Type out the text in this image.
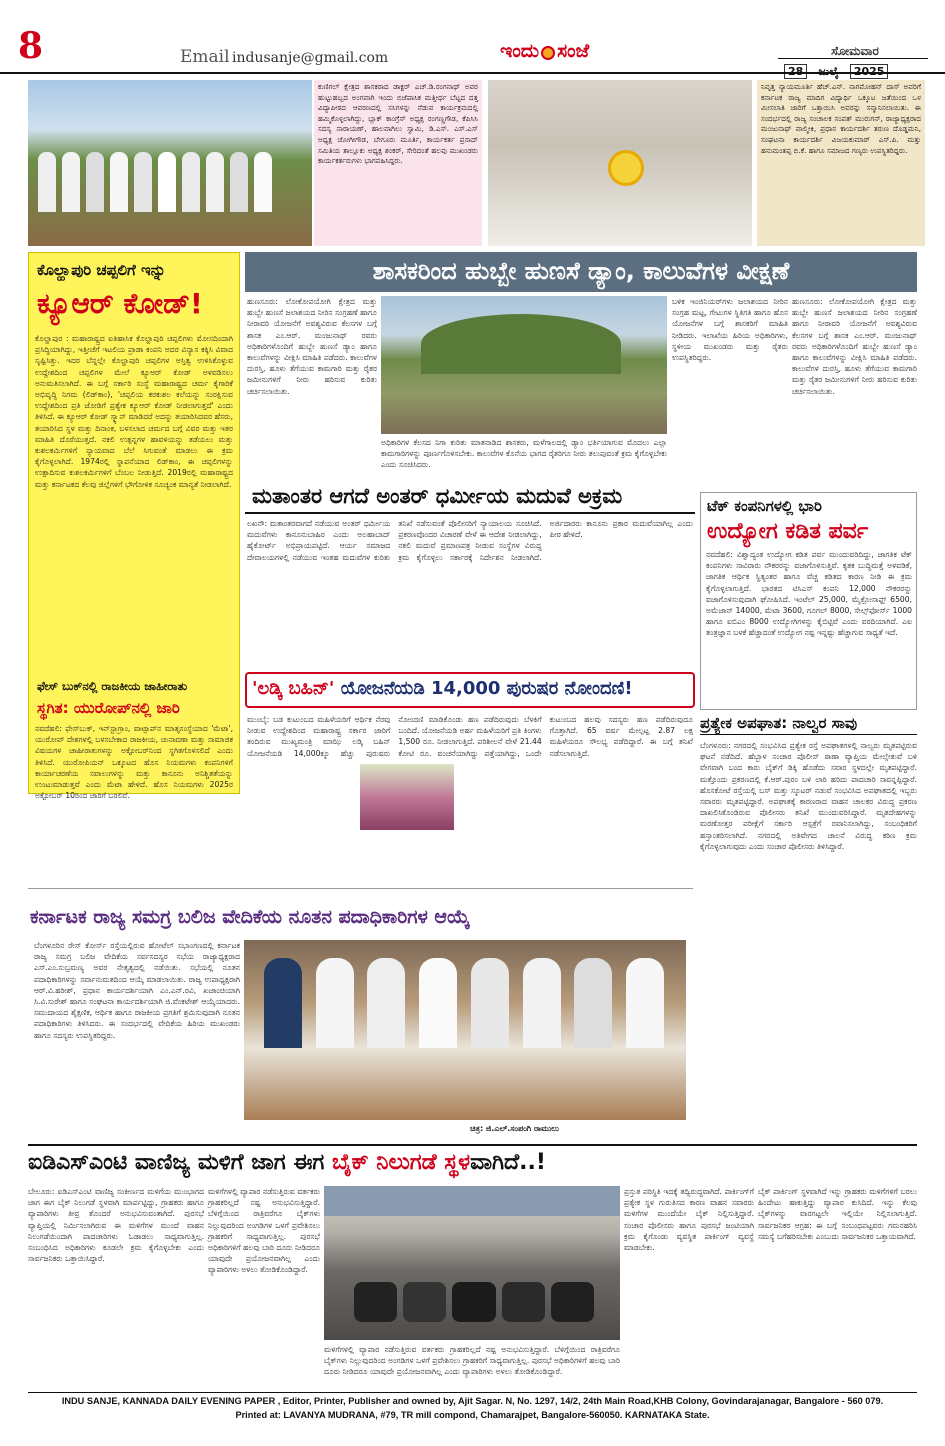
8	Email indusanje@gmail.com	ಇಂದು ಸಂಜೆ	ಸೋಮವಾರ

ಕುಣಿಗಲ್ ಕ್ಷೇತ್ರದ ಶಾಸಕರಾದ ಡಾಕ್ಟರ್ ಎಚ್.ಡಿ.ರಂಗನಾಥ್ ಅವರ ಹುಟ್ಟುಹಬ್ಬದ ಅಂಗವಾಗಿ ಇಂದು ಬಿಜೆಪಾಸಿಕ ಮತ್ತೀರ್ಥ ಬೆಟ್ಟದ ದತ್ತ ವಿದ್ಯಾಪೀಠದ ಆವರಣದಲ್ಲಿ ಸಸಿಗಳನ್ನು ನೆಡುವ ಕಾರ್ಯಕ್ರಮದಲ್ಲಿ ಹಮ್ಮಿಕೊಳ್ಳಲಾಗಿದ್ದು, ಬ್ಲಾಕ್ ಕಾಂಗ್ರೆಸ್ ಅಧ್ಯಕ್ಷ ರಂಗಣ್ಣಗೌಡ, ಕೆಪಿಸಿಸಿ ಸದಸ್ಯ ನಾರಾಯಣ್, ಹಾಲವಾಗಿಲು ಸ್ವಾಮಿ, ಡಿ.ಎಸ್. ಎಸ್.ಎಸ್ ಅಧ್ಯಕ್ಷ ಜೋಗೀಗೌಡ, ಬೇಗೂರು ಮೂರ್ತಿ, ಕಾರ್ಯಕರ್ತ ಪ್ರಸಾದ್ ಸಮಿತಿಯ ತಾಲ್ಲೂಕು ಅಧ್ಯಕ್ಷ ಶಂಕರ್, ಸೇರಿದಂತೆ ಹಲವು ಮುಖಂಡರು ಕಾರ್ಯಕರ್ತರುಗಳು ಭಾಗವಹಿಸಿದ್ದರು.
ನಿವೃತ್ತ ನ್ಯಾಯಮೂರ್ತಿ ಹೆಚ್.ಎನ್. ನಾಗಮೋಹನ್ ದಾಸ್ ಅವರಿಗೆ ಕರ್ನಾಟಕ ರಾಜ್ಯ ಮಾದಿಗ ವಿದ್ಯಾರ್ಥಿ ಒಕ್ಕೂಟ ಜತೆಯಿಂದ ಒಳ ಮೀಸಲಾತಿ ಜಾರಿಗೆ ಒತ್ತಾಯಿಸಿ ಅವರನ್ನು ಸನ್ಮಾನಿಸಲಾಯಿತು. ಈ ಸಂದರ್ಭದಲ್ಲಿ ರಾಜ್ಯ ಸಂಚಾಲಕ ಸಂಪತ್ ಮುರುಗನ್, ರಾಜ್ಯಾಧ್ಯಕ್ಷರಾದ ಮಂಜುನಾಥ್ ವಾಲ್ಮೀಕಿ, ಪ್ರಧಾನ ಕಾರ್ಯದರ್ಶಿ ತರುಣ ದೊಡ್ಡಮನಿ, ಸಂಘಟನಾ ಕಾರ್ಯದರ್ಶಿ ವಿಜಯಕುಮಾರ್ ಎಸ್.ಪಿ. ಮತ್ತು ಹನುಮಂತಪ್ಪ ಬಿ.ಕೆ. ಹಾಗೂ ಸಮಾಜದ ಗಣ್ಯರು ಉಪಸ್ಥಿತರಿದ್ದರು.
ಕೊಲ್ಹಾಪುರಿ ಚಪ್ಪಲಿಗೆ ಇನ್ನು
ಕ್ಯೂಆರ್ ಕೋಡ್!
ಕೊಲ್ಹಾಪುರ : ಮಹಾರಾಷ್ಟ್ರದ ಐತಿಹಾಸಿಕ ಕೊಲ್ಹಾಪುರಿ ಚಪ್ಪಲಿಗಳು ಮೋಸದಿಂದಾಗಿ ಪ್ರಸಿದ್ಧಿಯಾಗಿದ್ದು, ಇತ್ತೀಚೆಗೆ ಇಟಲಿಯ ಪ್ರಾಡಾ ಕಂಪನಿ ಅದರ ವಿನ್ಯಾಸ ಕಕ್ಕಿಸಿ ವಿವಾದ ಸೃಷ್ಟಿಸಿತ್ತು. ಇದರ ಬೆನ್ನಲ್ಲೇ ಕೊಲ್ಹಾಪುರಿ ಚಪ್ಪಲಿಗಳ ಅಸ್ತಿತ್ವ ಉಳಿಸಿಕೊಳ್ಳುವ ಉದ್ದೇಶದಿಂದ ಚಪ್ಪಲಿಗಳ ಮೇಲೆ ಕ್ಯೂಆರ್ ಕೋಡ್ ಅಳವಡಿಸಲು ಅನುಮತಿಸಲಾಗಿದೆ. ಈ ಬಗ್ಗೆ ಸರ್ಕಾರಿ ಸಂಸ್ಥೆ ಮಹಾರಾಷ್ಟ್ರದ ಚರ್ಮ ಕೈಗಾರಿಕೆ ಅಭಿವೃದ್ಧಿ ನಿಗಮ (ಲಿಡ್‌ಕಾಂ), 'ಚಪ್ಪಲಿಯ ಕರಕುಶಲ ಕಲೆಯನ್ನು ಸಂರಕ್ಷಿಸುವ ಉದ್ದೇಶದಿಂದ ಪ್ರತಿ ಜೋಡಿಗೆ ಪ್ರತ್ಯೇಕ ಕ್ಯೂಆರ್ ಕೋಡ್ ನೀಡಲಾಗುತ್ತದೆ' ಎಂದು ತಿಳಿಸಿದೆ. ಈ ಕ್ಯೂಆರ್ ಕೋಡ್ ಸ್ಕ್ಯಾನ್ ಮಾಡಿದರೆ ಅದನ್ನು ತಯಾರಿಸಿದವರ ಹೆಸರು, ತಯಾರಿಸಿದ ಸ್ಥಳ ಮತ್ತು ದಿನಾಂಕ, ಬಳಸಲಾದ ಚರ್ಮದ ಬಗ್ಗೆ ವಿವರ ಮತ್ತು ಇತರ ಮಾಹಿತಿ ದೊರೆಯುತ್ತದೆ. ನಕಲಿ ಉತ್ಪನ್ನಗಳ ಹಾವಳಿಯನ್ನು ತಡೆಯಲು ಮತ್ತು ಕುಶಲಕರ್ಮಿಗಳಿಗೆ ನ್ಯಾಯವಾದ ಬೆಲೆ ಸಿಗುವಂತೆ ಮಾಡಲು ಈ ಕ್ರಮ ಕೈಗೊಳ್ಳಲಾಗಿದೆ. 1974ರಲ್ಲಿ ಸ್ಥಾಪನೆಯಾದ ಲಿಡ್‌ಕಾಂ, ಈ ಚಪ್ಪಲಿಗಳನ್ನು ಉತ್ಪಾದಿಸುವ ಕುಶಲಕರ್ಮಿಗಳಿಗೆ ಬೆಂಬಲ ನೀಡುತ್ತಿದೆ. 2019ರಲ್ಲಿ ಮಹಾರಾಷ್ಟ್ರದ ಮತ್ತು ಕರ್ನಾಟಕದ ಕೆಲವು ಜಿಲ್ಲೆಗಳಿಗೆ ಭೌಗೋಳಿಕ ಸೂಚ್ಯಂಕ ಮಾನ್ಯತೆ ನೀಡಲಾಗಿದೆ.
ಫೇಸ್ ಬುಕ್‌ನಲ್ಲಿ ರಾಜಕೀಯ ಜಾಹೀರಾತು
ಸ್ಥಗಿತ: ಯುರೋಪ್‌ನಲ್ಲಿ ಜಾರಿ
ನವದೆಹಲಿ: ಫೇಸ್‌ಬುಕ್, ಇನ್‌ಸ್ಟಾಗ್ರಾಂ, ವಾಟ್ಸಾಪ್‌ನ ಮಾತೃಸಂಸ್ಥೆಯಾದ 'ಮೆಟಾ', ಯುರೋಪ್ ದೇಶಗಳಲ್ಲಿ ಬಳಸಬೇಕಾದ ರಾಜಕೀಯ, ಚುನಾವಣಾ ಮತ್ತು ಸಾಮಾಜಿಕ ವಿಷಯಗಳ ಜಾಹೀರಾತುಗಳನ್ನು ಅಕ್ಟೋಬರ್‌ನಿಂದ ಸ್ಥಗಿತಗೊಳಿಸಲಿದೆ ಎಂದು ತಿಳಿಸಿದೆ. ಯುರೋಪಿಯನ್ ಒಕ್ಕೂಟದ ಹೊಸ ನಿಯಮಗಳು ಕಂಪನಿಗಳಿಗೆ ಕಾರ್ಯಾಚರಣೆಯ ಸವಾಲುಗಳನ್ನು ಮತ್ತು ಕಾನೂನು ಅನಿಶ್ಚಿತತೆಯನ್ನು ಉಂಟುಮಾಡುತ್ತವೆ ಎಂದು ಮೆಟಾ ಹೇಳಿದೆ. ಹೊಸ ನಿಯಮಗಳು 2025ರ ಅಕ್ಟೋಬರ್ 10ರಿಂದ ಜಾರಿಗೆ ಬರಲಿವೆ.
ಶಾಸಕರಿಂದ ಹುಬ್ಬೇ ಹುಣಸೆ ಡ್ಯಾಂ, ಕಾಲುವೆಗಳ ವೀಕ್ಷಣೆ
ಹುಣಸೂರು: ಲೋಕೋಪಯೋಗಿ ಕ್ಷೇತ್ರದ ಮತ್ತು ಹುಬ್ಬೇ ಹುಣಸೆ ಜಲಾಶಯದ ನೀರಿನ ಸಂಗ್ರಹಣೆ ಹಾಗೂ ನೀರಾವರಿ ಯೋಜನೆಗೆ ಅವಶ್ಯವಿರುವ ಕೆಲಸಗಳ ಬಗ್ಗೆ ಶಾಸಕ ಎಂ.ಆರ್. ಮಂಜುನಾಥ್ ರವರು ಅಧಿಕಾರಿಗಳೊಂದಿಗೆ ಹುಬ್ಬೇ ಹುಣಸೆ ಡ್ಯಾಂ ಹಾಗೂ ಕಾಲುವೆಗಳನ್ನು ವೀಕ್ಷಿಸಿ ಮಾಹಿತಿ ಪಡೆದರು. ಕಾಲುವೆಗಳ ದುರಸ್ತಿ, ಹೂಳು ತೆಗೆಯುವ ಕಾಮಗಾರಿ ಮತ್ತು ರೈತರ ಜಮೀನುಗಳಿಗೆ ನೀರು ಹರಿಸುವ ಕುರಿತು ಚರ್ಚಿಸಲಾಯಿತು.
ಅಧಿಕಾರಿಗಳ ಕೆಲಸದ ನಿಗಾ ಕುರಿತು ಮಾತನಾಡಿದ ಶಾಸಕರು, ಮಳೆಗಾಲದಲ್ಲಿ ಡ್ಯಾಂ ಭರ್ತಿಯಾಗುವ ಮೊದಲು ಎಲ್ಲಾ ಕಾಮಗಾರಿಗಳನ್ನು ಪೂರ್ಣಗೊಳಿಸಬೇಕು. ಕಾಲುವೆಗಳ ಕೊನೆಯ ಭಾಗದ ರೈತರಿಗೂ ನೀರು ತಲುಪುವಂತೆ ಕ್ರಮ ಕೈಗೊಳ್ಳಬೇಕು ಎಂದು ಸೂಚಿಸಿದರು.
ಬಳಿಕ ಇಂಜಿನಿಯರ್‌ಗಳು ಜಲಾಶಯದ ನೀರಿನ ಸಂಗ್ರಹ ಮಟ್ಟ, ಗೇಟುಗಳ ಸ್ಥಿತಿಗತಿ ಹಾಗೂ ಹೊಸ ಯೋಜನೆಗಳ ಬಗ್ಗೆ ಶಾಸಕರಿಗೆ ಮಾಹಿತಿ ನೀಡಿದರು. ಇಲಾಖೆಯ ಹಿರಿಯ ಅಧಿಕಾರಿಗಳು, ಸ್ಥಳೀಯ ಮುಖಂಡರು ಮತ್ತು ರೈತರು ಉಪಸ್ಥಿತರಿದ್ದರು.
ಹುಣಸೂರು: ಲೋಕೋಪಯೋಗಿ ಕ್ಷೇತ್ರದ ಮತ್ತು ಹುಬ್ಬೇ ಹುಣಸೆ ಜಲಾಶಯದ ನೀರಿನ ಸಂಗ್ರಹಣೆ ಹಾಗೂ ನೀರಾವರಿ ಯೋಜನೆಗೆ ಅವಶ್ಯವಿರುವ ಕೆಲಸಗಳ ಬಗ್ಗೆ ಶಾಸಕ ಎಂ.ಆರ್. ಮಂಜುನಾಥ್ ರವರು ಅಧಿಕಾರಿಗಳೊಂದಿಗೆ ಹುಬ್ಬೇ ಹುಣಸೆ ಡ್ಯಾಂ ಹಾಗೂ ಕಾಲುವೆಗಳನ್ನು ವೀಕ್ಷಿಸಿ ಮಾಹಿತಿ ಪಡೆದರು. ಕಾಲುವೆಗಳ ದುರಸ್ತಿ, ಹೂಳು ತೆಗೆಯುವ ಕಾಮಗಾರಿ ಮತ್ತು ರೈತರ ಜಮೀನುಗಳಿಗೆ ನೀರು ಹರಿಸುವ ಕುರಿತು ಚರ್ಚಿಸಲಾಯಿತು.
ಮತಾಂತರ ಆಗದೆ ಅಂತರ್ ಧರ್ಮೀಯ ಮದುವೆ ಅಕ್ರಮ
ಲಖನೌ: ಮತಾಂತರವಾಗದೆ ನಡೆಯುವ ಅಂತರ್ ಧರ್ಮೀಯ ಮದುವೆಗಳು ಕಾನೂನುಬಾಹಿರ ಎಂದು ಅಲಹಾಬಾದ್ ಹೈಕೋರ್ಟ್ ಅಭಿಪ್ರಾಯಪಟ್ಟಿದೆ. ಆರ್ಯ ಸಮಾಜದ ದೇವಾಲಯಗಳಲ್ಲಿ ನಡೆಯುವ ಇಂತಹ ಮದುವೆಗಳ ಕುರಿತು ತನಿಖೆ ನಡೆಸುವಂತೆ ಪೊಲೀಸರಿಗೆ ನ್ಯಾಯಾಲಯ ಸೂಚಿಸಿದೆ. ಪ್ರಕರಣವೊಂದರ ವಿಚಾರಣೆ ವೇಳೆ ಈ ಆದೇಶ ನೀಡಲಾಗಿದ್ದು, ನಕಲಿ ಮದುವೆ ಪ್ರಮಾಣಪತ್ರ ನೀಡುವ ಸಂಸ್ಥೆಗಳ ವಿರುದ್ಧ ಕ್ರಮ ಕೈಗೊಳ್ಳಲು ಸರ್ಕಾರಕ್ಕೆ ನಿರ್ದೇಶನ ನೀಡಲಾಗಿದೆ. ಅರ್ಜಿದಾರರು ಕಾನೂನು ಪ್ರಕಾರ ಮದುವೆಯಾಗಿಲ್ಲ ಎಂದು ಪೀಠ ಹೇಳಿದೆ.
ಟೆಕ್ ಕಂಪನಿಗಳಲ್ಲಿ ಭಾರಿ
ಉದ್ಯೋಗ ಕಡಿತ ಪರ್ವ
ನವದೆಹಲಿ: ವಿಶ್ವಾದ್ಯಂತ ಉದ್ಯೋಗ ಕಡಿತ ಪರ್ವ ಮುಂದುವರಿದಿದ್ದು, ಜಾಗತಿಕ ಟೆಕ್ ಕಂಪನಿಗಳು ಸಾವಿರಾರು ನೌಕರರನ್ನು ವಜಾಗೊಳಿಸುತ್ತಿವೆ. ಕೃತಕ ಬುದ್ಧಿಮತ್ತೆ ಅಳವಡಿಕೆ, ಜಾಗತಿಕ ಆರ್ಥಿಕ ಸ್ಥಿತ್ಯಂತರ ಹಾಗೂ ವೆಚ್ಚ ಕಡಿತದ ಕಾರಣ ನೀಡಿ ಈ ಕ್ರಮ ಕೈಗೊಳ್ಳಲಾಗುತ್ತಿದೆ. ಭಾರತದ ಟಿಸಿಎಸ್ ಕಂಪನಿ 12,000 ನೌಕರರನ್ನು ವಜಾಗೊಳಿಸುವುದಾಗಿ ಘೋಷಿಸಿದೆ. ಇಂಟೆಲ್ 25,000, ಮೈಕ್ರೋಸಾಫ್ಟ್ 6500, ಅಮೆಜಾನ್ 14000, ಮೆಟಾ 3600, ಗೂಗಲ್ 8000, ಸೇಲ್ಸ್‌ಫೋರ್ಸ್ 1000 ಹಾಗೂ ಐಬಿಎಂ 8000 ಉದ್ಯೋಗಿಗಳನ್ನು ಕೈಬಿಟ್ಟಿವೆ ಎಂದು ವರದಿಯಾಗಿದೆ. ಎಐ ತಂತ್ರಜ್ಞಾನ ಬಳಕೆ ಹೆಚ್ಚಾದಂತೆ ಉದ್ಯೋಗ ನಷ್ಟ ಇನ್ನಷ್ಟು ಹೆಚ್ಚಾಗುವ ಸಾಧ್ಯತೆ ಇದೆ.
'ಲಡ್ಕಿ ಬಹಿನ್' ಯೋಜನೆಯಡಿ 14,000 ಪುರುಷರ ನೋಂದಣಿ!
ಮುಂಬೈ: ಬಡ ಕುಟುಂಬದ ಮಹಿಳೆಯರಿಗೆ ಆರ್ಥಿಕ ನೆರವು ನೀಡುವ ಉದ್ದೇಶದಿಂದ ಮಹಾರಾಷ್ಟ್ರ ಸರ್ಕಾರ ಜಾರಿಗೆ ತಂದಿರುವ ಮುಖ್ಯಮಂತ್ರಿ ಮಾಝಿ ಲಡ್ಕಿ ಬಹಿನ್ ಯೋಜನೆಯಡಿ 14,000ಕ್ಕೂ ಹೆಚ್ಚು ಪುರುಷರು ನೋಂದಣಿ ಮಾಡಿಕೊಂಡು ಹಣ ಪಡೆದಿರುವುದು ಬೆಳಕಿಗೆ ಬಂದಿದೆ. ಯೋಜನೆಯಡಿ ಅರ್ಹ ಮಹಿಳೆಯರಿಗೆ ಪ್ರತಿ ತಿಂಗಳು 1,500 ರೂ. ನೀಡಲಾಗುತ್ತಿದೆ. ಪರಿಶೀಲನೆ ವೇಳೆ 21.44 ಕೋಟಿ ರೂ. ವಂಚನೆಯಾಗಿದ್ದು ಪತ್ತೆಯಾಗಿದ್ದು, ಒಂದೇ ಕುಟುಂಬದ ಹಲವು ಸದಸ್ಯರು ಹಣ ಪಡೆದಿರುವುದೂ ಗೊತ್ತಾಗಿದೆ. 65 ವರ್ಷ ಮೇಲ್ಪಟ್ಟ 2.87 ಲಕ್ಷ ಮಹಿಳೆಯರೂ ಸೌಲಭ್ಯ ಪಡೆದಿದ್ದಾರೆ. ಈ ಬಗ್ಗೆ ತನಿಖೆ ನಡೆಸಲಾಗುತ್ತಿದೆ.
ಕರ್ನಾಟಕ ರಾಜ್ಯ ಸಮಗ್ರ ಬಲಿಜ ವೇದಿಕೆಯ ನೂತನ ಪದಾಧಿಕಾರಿಗಳ ಆಯ್ಕೆ
ಬೆಂಗಳೂರಿನ ರೇಸ್ ಕೋರ್ಸ್ ರಸ್ತೆಯಲ್ಲಿರುವ ಹೋಟೆಲ್ ಸಭಾಂಗಣದಲ್ಲಿ ಕರ್ನಾಟಕ ರಾಜ್ಯ ಸಮಗ್ರ ಬಲಿಜ ವೇದಿಕೆಯ ಸರ್ವಸದಸ್ಯರ ಸಭೆಯ ರಾಜ್ಯಾಧ್ಯಕ್ಷರಾದ ಎಸ್.ಎಂ.ಸುಬ್ರಮಣ್ಯ ಅವರ ನೇತೃತ್ವದಲ್ಲಿ ನಡೆಯಿತು. ಸಭೆಯಲ್ಲಿ ನೂತನ ಪದಾಧಿಕಾರಿಗಳನ್ನು ಸರ್ವಾನುಮತದಿಂದ ಆಯ್ಕೆ ಮಾಡಲಾಯಿತು. ರಾಜ್ಯ ಉಪಾಧ್ಯಕ್ಷರಾಗಿ ಆರ್.ವಿ.ಹರೀಶ್, ಪ್ರಧಾನ ಕಾರ್ಯದರ್ಶಿಯಾಗಿ ಎಂ.ಎನ್.ರವಿ, ಖಜಾಂಚಿಯಾಗಿ ಸಿ.ವಿ.ಸುರೇಶ್ ಹಾಗೂ ಸಂಘಟನಾ ಕಾರ್ಯದರ್ಶಿಯಾಗಿ ಜಿ.ವೆಂಕಟೇಶ್ ಆಯ್ಕೆಯಾದರು. ಸಮುದಾಯದ ಶೈಕ್ಷಣಿಕ, ಆರ್ಥಿಕ ಹಾಗೂ ರಾಜಕೀಯ ಪ್ರಗತಿಗೆ ಶ್ರಮಿಸುವುದಾಗಿ ನೂತನ ಪದಾಧಿಕಾರಿಗಳು ತಿಳಿಸಿದರು. ಈ ಸಂದರ್ಭದಲ್ಲಿ ವೇದಿಕೆಯ ಹಿರಿಯ ಮುಖಂಡರು ಹಾಗೂ ಸದಸ್ಯರು ಉಪಸ್ಥಿತರಿದ್ದರು.
ಚಿತ್ರ: ಜಿ.ಎಲ್.ಸಂಪಂಗಿ ರಾಮುಲು
ಪ್ರತ್ಯೇಕ ಅಪಘಾತ: ನಾಲ್ವರ ಸಾವು
ಬೆಂಗಳೂರು: ನಗರದಲ್ಲಿ ಸಂಭವಿಸಿದ ಪ್ರತ್ಯೇಕ ರಸ್ತೆ ಅಪಘಾತಗಳಲ್ಲಿ ನಾಲ್ವರು ಮೃತಪಟ್ಟಿರುವ ಘಟನೆ ನಡೆದಿದೆ. ಹೆಬ್ಬಾಳ ಸಂಚಾರ ಪೊಲೀಸ್ ಠಾಣಾ ವ್ಯಾಪ್ತಿಯ ಮೇಲ್ಸೇತುವೆ ಬಳಿ ವೇಗವಾಗಿ ಬಂದ ಕಾರು ಬೈಕ್‌ಗೆ ಡಿಕ್ಕಿ ಹೊಡೆದು ಸವಾರ ಸ್ಥಳದಲ್ಲೇ ಮೃತಪಟ್ಟಿದ್ದಾರೆ. ಮತ್ತೊಂದು ಪ್ರಕರಣದಲ್ಲಿ ಕೆ.ಆರ್.ಪುರಂ ಬಳಿ ಲಾರಿ ಹರಿದು ಪಾದಚಾರಿ ಸಾವನ್ನಪ್ಪಿದ್ದಾರೆ. ಹೊಸಕೋಟೆ ರಸ್ತೆಯಲ್ಲಿ ಬಸ್ ಮತ್ತು ಸ್ಕೂಟರ್ ನಡುವೆ ಸಂಭವಿಸಿದ ಅಪಘಾತದಲ್ಲಿ ಇಬ್ಬರು ಸವಾರರು ಮೃತಪಟ್ಟಿದ್ದಾರೆ. ಅಪಘಾತಕ್ಕೆ ಕಾರಣರಾದ ವಾಹನ ಚಾಲಕರ ವಿರುದ್ಧ ಪ್ರಕರಣ ದಾಖಲಿಸಿಕೊಂಡಿರುವ ಪೊಲೀಸರು ತನಿಖೆ ಮುಂದುವರಿಸಿದ್ದಾರೆ. ಮೃತದೇಹಗಳನ್ನು ಮರಣೋತ್ತರ ಪರೀಕ್ಷೆಗೆ ಸರ್ಕಾರಿ ಆಸ್ಪತ್ರೆಗೆ ರವಾನಿಸಲಾಗಿದ್ದು, ಸಂಬಂಧಿಕರಿಗೆ ಹಸ್ತಾಂತರಿಸಲಾಗಿದೆ. ನಗರದಲ್ಲಿ ಅತಿವೇಗದ ಚಾಲನೆ ವಿರುದ್ಧ ಕಠಿಣ ಕ್ರಮ ಕೈಗೊಳ್ಳಲಾಗುವುದು ಎಂದು ಸಂಚಾರ ಪೊಲೀಸರು ತಿಳಿಸಿದ್ದಾರೆ.
ಐಡಿಎಸ್‌ಎಂಟಿ ವಾಣಿಜ್ಯ ಮಳಿಗೆ ಜಾಗ ಈಗ ಬೈಕ್ ನಿಲುಗಡೆ ಸ್ಥಳವಾಗಿದೆ..!
ಬೇಲೂರು: ಐಡಿಎಸ್‌ಎಂಟಿ ವಾಣಿಜ್ಯ ಸಂಕೀರ್ಣದ ಮಳಿಗೆಯ ಮುಂಭಾಗದ ಜಾಗ ಈಗ ಬೈಕ್ ನಿಲುಗಡೆ ಸ್ಥಳವಾಗಿ ಮಾರ್ಪಟ್ಟಿದ್ದು, ಗ್ರಾಹಕರು ಹಾಗೂ ವ್ಯಾಪಾರಿಗಳು ತೀವ್ರ ತೊಂದರೆ ಅನುಭವಿಸುವಂತಾಗಿದೆ. ಪುರಸಭೆ ವ್ಯಾಪ್ತಿಯಲ್ಲಿ ನಿರ್ಮಿಸಲಾಗಿರುವ ಈ ಮಳಿಗೆಗಳ ಮುಂದೆ ವಾಹನ ನಿಲುಗಡೆಯಿಂದಾಗಿ ಪಾದಚಾರಿಗಳು ಓಡಾಡಲು ಸಾಧ್ಯವಾಗುತ್ತಿಲ್ಲ. ಸಂಬಂಧಿಸಿದ ಅಧಿಕಾರಿಗಳು ಕೂಡಲೇ ಕ್ರಮ ಕೈಗೊಳ್ಳಬೇಕು ಎಂದು ಸಾರ್ವಜನಿಕರು ಒತ್ತಾಯಿಸಿದ್ದಾರೆ.
ಮಳಿಗೆಗಳಲ್ಲಿ ವ್ಯಾಪಾರ ನಡೆಸುತ್ತಿರುವ ವರ್ತಕರು ಗ್ರಾಹಕರಿಲ್ಲದೆ ನಷ್ಟ ಅನುಭವಿಸುತ್ತಿದ್ದಾರೆ. ಬೆಳಿಗ್ಗೆಯಿಂದ ರಾತ್ರಿವರೆಗೂ ಬೈಕ್‌ಗಳು ನಿಲ್ಲುವುದರಿಂದ ಅಂಗಡಿಗಳ ಒಳಗೆ ಪ್ರವೇಶಿಸಲು ಗ್ರಾಹಕರಿಗೆ ಸಾಧ್ಯವಾಗುತ್ತಿಲ್ಲ. ಪುರಸಭೆ ಅಧಿಕಾರಿಗಳಿಗೆ ಹಲವು ಬಾರಿ ದೂರು ನೀಡಿದರೂ ಯಾವುದೇ ಪ್ರಯೋಜನವಾಗಿಲ್ಲ ಎಂದು ವ್ಯಾಪಾರಿಗಳು ಅಳಲು ತೋಡಿಕೊಂಡಿದ್ದಾರೆ.
ಮಳಿಗೆಗಳಲ್ಲಿ ವ್ಯಾಪಾರ ನಡೆಸುತ್ತಿರುವ ವರ್ತಕರು ಗ್ರಾಹಕರಿಲ್ಲದೆ ನಷ್ಟ ಅನುಭವಿಸುತ್ತಿದ್ದಾರೆ. ಬೆಳಿಗ್ಗೆಯಿಂದ ರಾತ್ರಿವರೆಗೂ ಬೈಕ್‌ಗಳು ನಿಲ್ಲುವುದರಿಂದ ಅಂಗಡಿಗಳ ಒಳಗೆ ಪ್ರವೇಶಿಸಲು ಗ್ರಾಹಕರಿಗೆ ಸಾಧ್ಯವಾಗುತ್ತಿಲ್ಲ. ಪುರಸಭೆ ಅಧಿಕಾರಿಗಳಿಗೆ ಹಲವು ಬಾರಿ ದೂರು ನೀಡಿದರೂ ಯಾವುದೇ ಪ್ರಯೋಜನವಾಗಿಲ್ಲ ಎಂದು ವ್ಯಾಪಾರಿಗಳು ಅಳಲು ತೋಡಿಕೊಂಡಿದ್ದಾರೆ.
ಪ್ರಸ್ತುತ ಪರಿಸ್ಥಿತಿ ಇದಕ್ಕೆ ತದ್ವಿರುದ್ಧವಾಗಿದೆ. ಪಾರ್ಕಿಂಗ್‌ಗೆ ಪ್ರತ್ಯೇಕ ಸ್ಥಳ ಗುರುತಿಸದ ಕಾರಣ ವಾಹನ ಸವಾರರು ಮಳಿಗೆಗಳ ಮುಂದೆಯೇ ಬೈಕ್ ನಿಲ್ಲಿಸುತ್ತಿದ್ದಾರೆ. ಸಂಚಾರ ಪೊಲೀಸರು ಹಾಗೂ ಪುರಸಭೆ ಜಂಟಿಯಾಗಿ ಕ್ರಮ ಕೈಗೊಂಡು ವ್ಯವಸ್ಥಿತ ಪಾರ್ಕಿಂಗ್ ವ್ಯವಸ್ಥೆ ಮಾಡಬೇಕು.
ಬೈಕ್ ಪಾರ್ಕಿಂಗ್ ಸ್ಥಳವಾಗಿದೆ ಇನ್ನು ಗ್ರಾಹಕರು ಮಳಿಗೆಗಳಿಗೆ ಬರಲು ಹಿಂದೇಟು ಹಾಕುತ್ತಿದ್ದು ವ್ಯಾಪಾರ ಕುಸಿದಿದೆ. ಇನ್ನು ಕೆಲವು ಬೈಕ್‌ಗಳನ್ನು ವಾರಗಟ್ಟಲೇ ಇಲ್ಲಿಯೇ ನಿಲ್ಲಿಸಲಾಗುತ್ತಿದೆ. ಸಾರ್ವಜನಿಕರ ಆಗ್ರಹ: ಈ ಬಗ್ಗೆ ಸಂಬಂಧಪಟ್ಟವರು ಗಮನಹರಿಸಿ ಸಮಸ್ಯೆ ಬಗೆಹರಿಸಬೇಕು ಎಂಬುದು ಸಾರ್ವಜನಿಕರ ಒತ್ತಾಯವಾಗಿದೆ.
INDU SANJE, KANNADA DAILY EVENING PAPER , Editor, Printer, Publisher and owned by, Ajit Sagar. N, No. 1297, 14/2, 24th Main Road,KHB Colony, Govindarajanagar, Bangalore - 560 079.
Printed at: LAVANYA MUDRANA, #79, TR mill compond, Chamarajpet, Bangalore-560050. KARNATAKA State.
